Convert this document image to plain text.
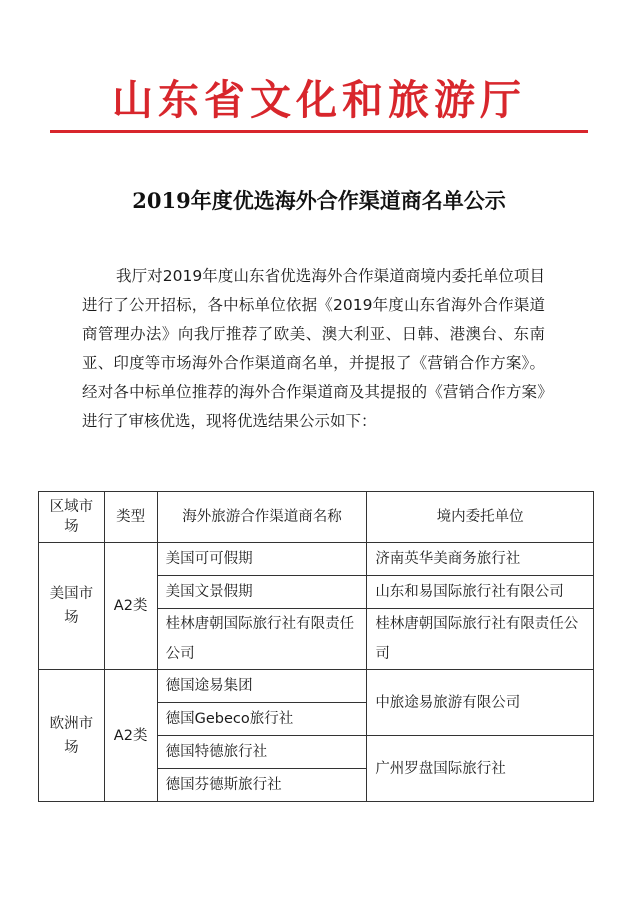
山东省文化和旅游厅
2019年度优选海外合作渠道商名单公示
我厅对2019年度山东省优选海外合作渠道商境内委托单位项目进行了公开招标，各中标单位依据《2019年度山东省海外合作渠道商管理办法》向我厅推荐了欧美、澳大利亚、日韩、港澳台、东南亚、印度等市场海外合作渠道商名单，并提报了《营销合作方案》。经对各中标单位推荐的海外合作渠道商及其提报的《营销合作方案》进行了审核优选，现将优选结果公示如下：
区域市场	类型	海外旅游合作渠道商名称	境内委托单位
美国市场	A2类	美国可可假期	济南英华美商务旅行社
		美国文景假期	山东和易国际旅行社有限公司
		桂林唐朝国际旅行社有限责任公司	桂林唐朝国际旅行社有限责任公司

欧洲市场	A2类	德国途易集团	中旅途易旅游有限公司
		德国Gebeco旅行社	
		德国特德旅行社	广州罗盘国际旅行社
		德国芬德斯旅行社	
